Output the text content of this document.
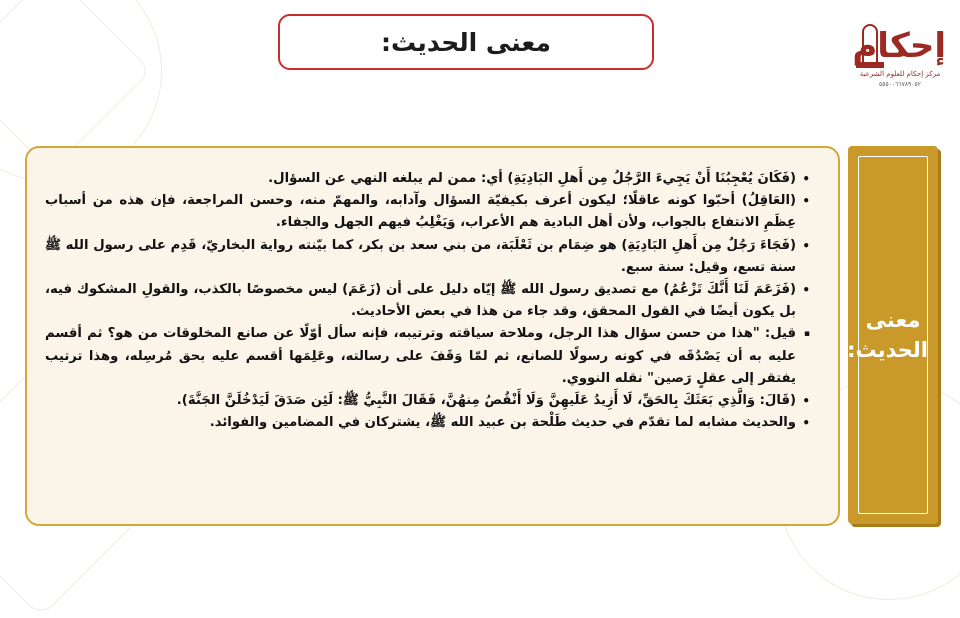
إحكام
مركز إحكام للعلوم الشرعية
٥٥٥٠٠٦٦٧٨٩٠٥٢
معنى الحديث:
•
(فَكَانَ يُعْجِبُنَا أَنْ يَجِيءَ الرَّجُلُ مِن أَهلِ البَادِيَةِ) أي: ممن لم يبلغه النهي عن السؤال.
•
(العَاقِلُ) أحبّوا كونه عاقلًا؛ ليكون أعرف بكيفيّة السؤال وآدابه، والمهمّ منه، وحسن المراجعة، فإن هذه من أسباب عِظَمِ الانتفاع بالجواب، ولأن أهل البادية هم الأعراب، وَيَغْلِبُ فيهم الجهل والجفاء.
•
(فَجَاءَ رَجُلٌ مِن أَهلِ البَادِيَةِ) هو ضِمَام بن ثَعْلَبَة، من بني سعد بن بكر، كما بيّنته رواية البخاريّ، قَدِم على رسول الله ﷺ سنة تسع، وقيل: سنة سبع.
•
(فَزَعَمَ لَنَا أَنَّكَ تَزْعُمُ) مع تصديق رسول الله ﷺ إيّاه دليل على أن (زَعَمَ) ليس مخصوصًا بالكذب، والقولِ المشكوك فيه، بل يكون أيضًا في القول المحقق، وقد جاء من هذا في بعض الأحاديث.
▪
قيل: "هذا من حسن سؤال هذا الرجل، وملاحة سياقته وترتيبه، فإنه سأل أوّلًا عن صانع المخلوقات من هو؟ ثم أقسم عليه به أن يَصْدُقَه في كونه رسولًا للصانع، ثم لمّا وَقَفَ على رسالته، وعَلِمَها أقسم عليه بحق مُرسِله، وهذا ترتيب يفتقر إلى عقلٍ رَصين" نقله النووي.
•
(قَالَ: وَالَّذِي بَعَثَكَ بِالحَقِّ، لَا أَزِيدُ عَلَيهِنَّ وَلَا أَنْقُصُ مِنهُنَّ، فَقَالَ النَّبِيُّ ﷺ: لَئِن صَدَقَ لَيَدْخُلَنَّ الجَنَّةَ).
•
والحديث مشابه لما تقدّم في حديث طَلْحة بن عبيد الله ﷺ، يشتركان في المضامين والفوائد.
معنى الحديث:
